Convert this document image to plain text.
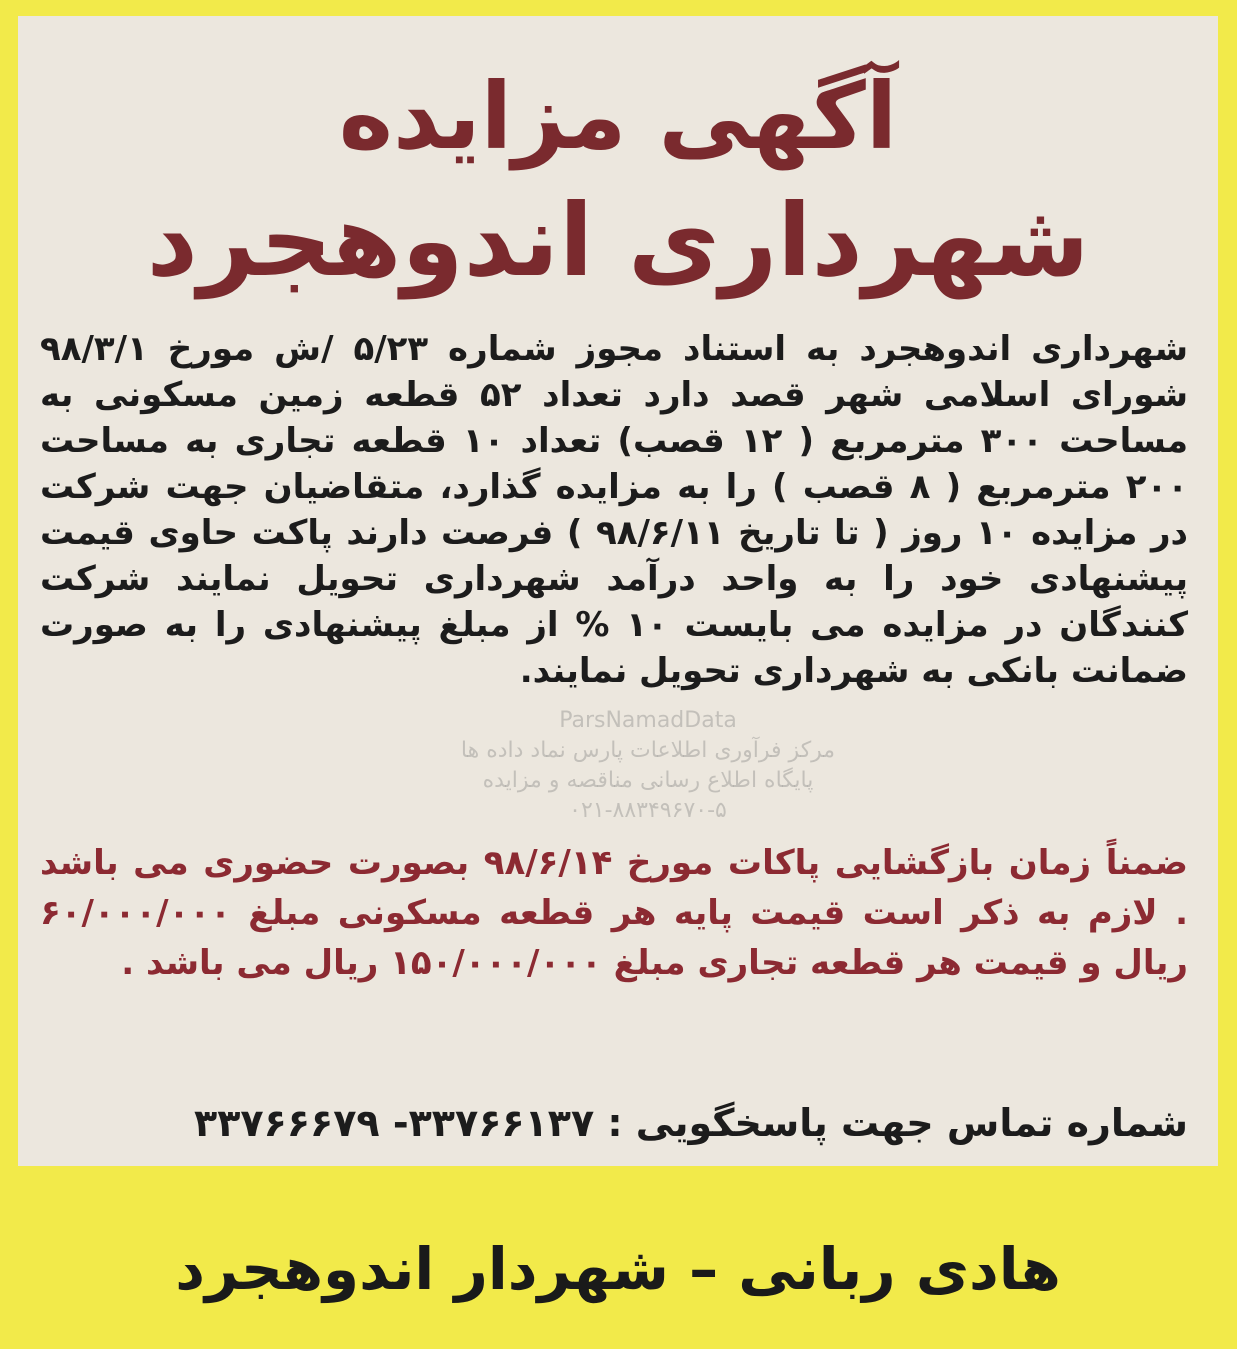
آگهی مزایده
شهرداری اندوهجرد
ParsNamadData
مرکز فرآوری اطلاعات پارس نماد داده ها
پایگاه اطلاع رسانی مناقصه و مزایده
۰۲۱-۸۸۳۴۹۶۷۰-۵
شهرداری اندوهجرد به استناد مجوز شماره ۵/۲۳ /ش مورخ ۹۸/۳/۱ شورای اسلامی شهر قصد دارد تعداد ۵۲ قطعه زمین مسکونی به مساحت ۳۰۰ مترمربع ( ۱۲ قصب) تعداد ۱۰ قطعه تجاری به مساحت ۲۰۰ مترمربع ( ۸ قصب ) را به مزایده گذارد، متقاضیان جهت شرکت در مزایده ۱۰ روز ( تا تاریخ ۹۸/۶/۱۱ ) فرصت دارند پاکت حاوی قیمت پیشنهادی خود را به واحد درآمد شهرداری تحویل نمایند شرکت کنندگان در مزایده می بایست ۱۰ % از مبلغ پیشنهادی را به صورت ضمانت بانکی به شهرداری تحویل نمایند.
ضمناً زمان بازگشایی پاکات مورخ ۹۸/۶/۱۴ بصورت حضوری می باشد . لازم به ذکر است قیمت پایه هر قطعه مسکونی مبلغ ۶۰/۰۰۰/۰۰۰ ریال و قیمت هر قطعه تجاری مبلغ ۱۵۰/۰۰۰/۰۰۰ ریال می باشد .
شماره تماس جهت پاسخگویی : ۳۳۷۶۶۱۳۷- ۳۳۷۶۶۶۷۹
هادی ربانی – شهردار اندوهجرد
